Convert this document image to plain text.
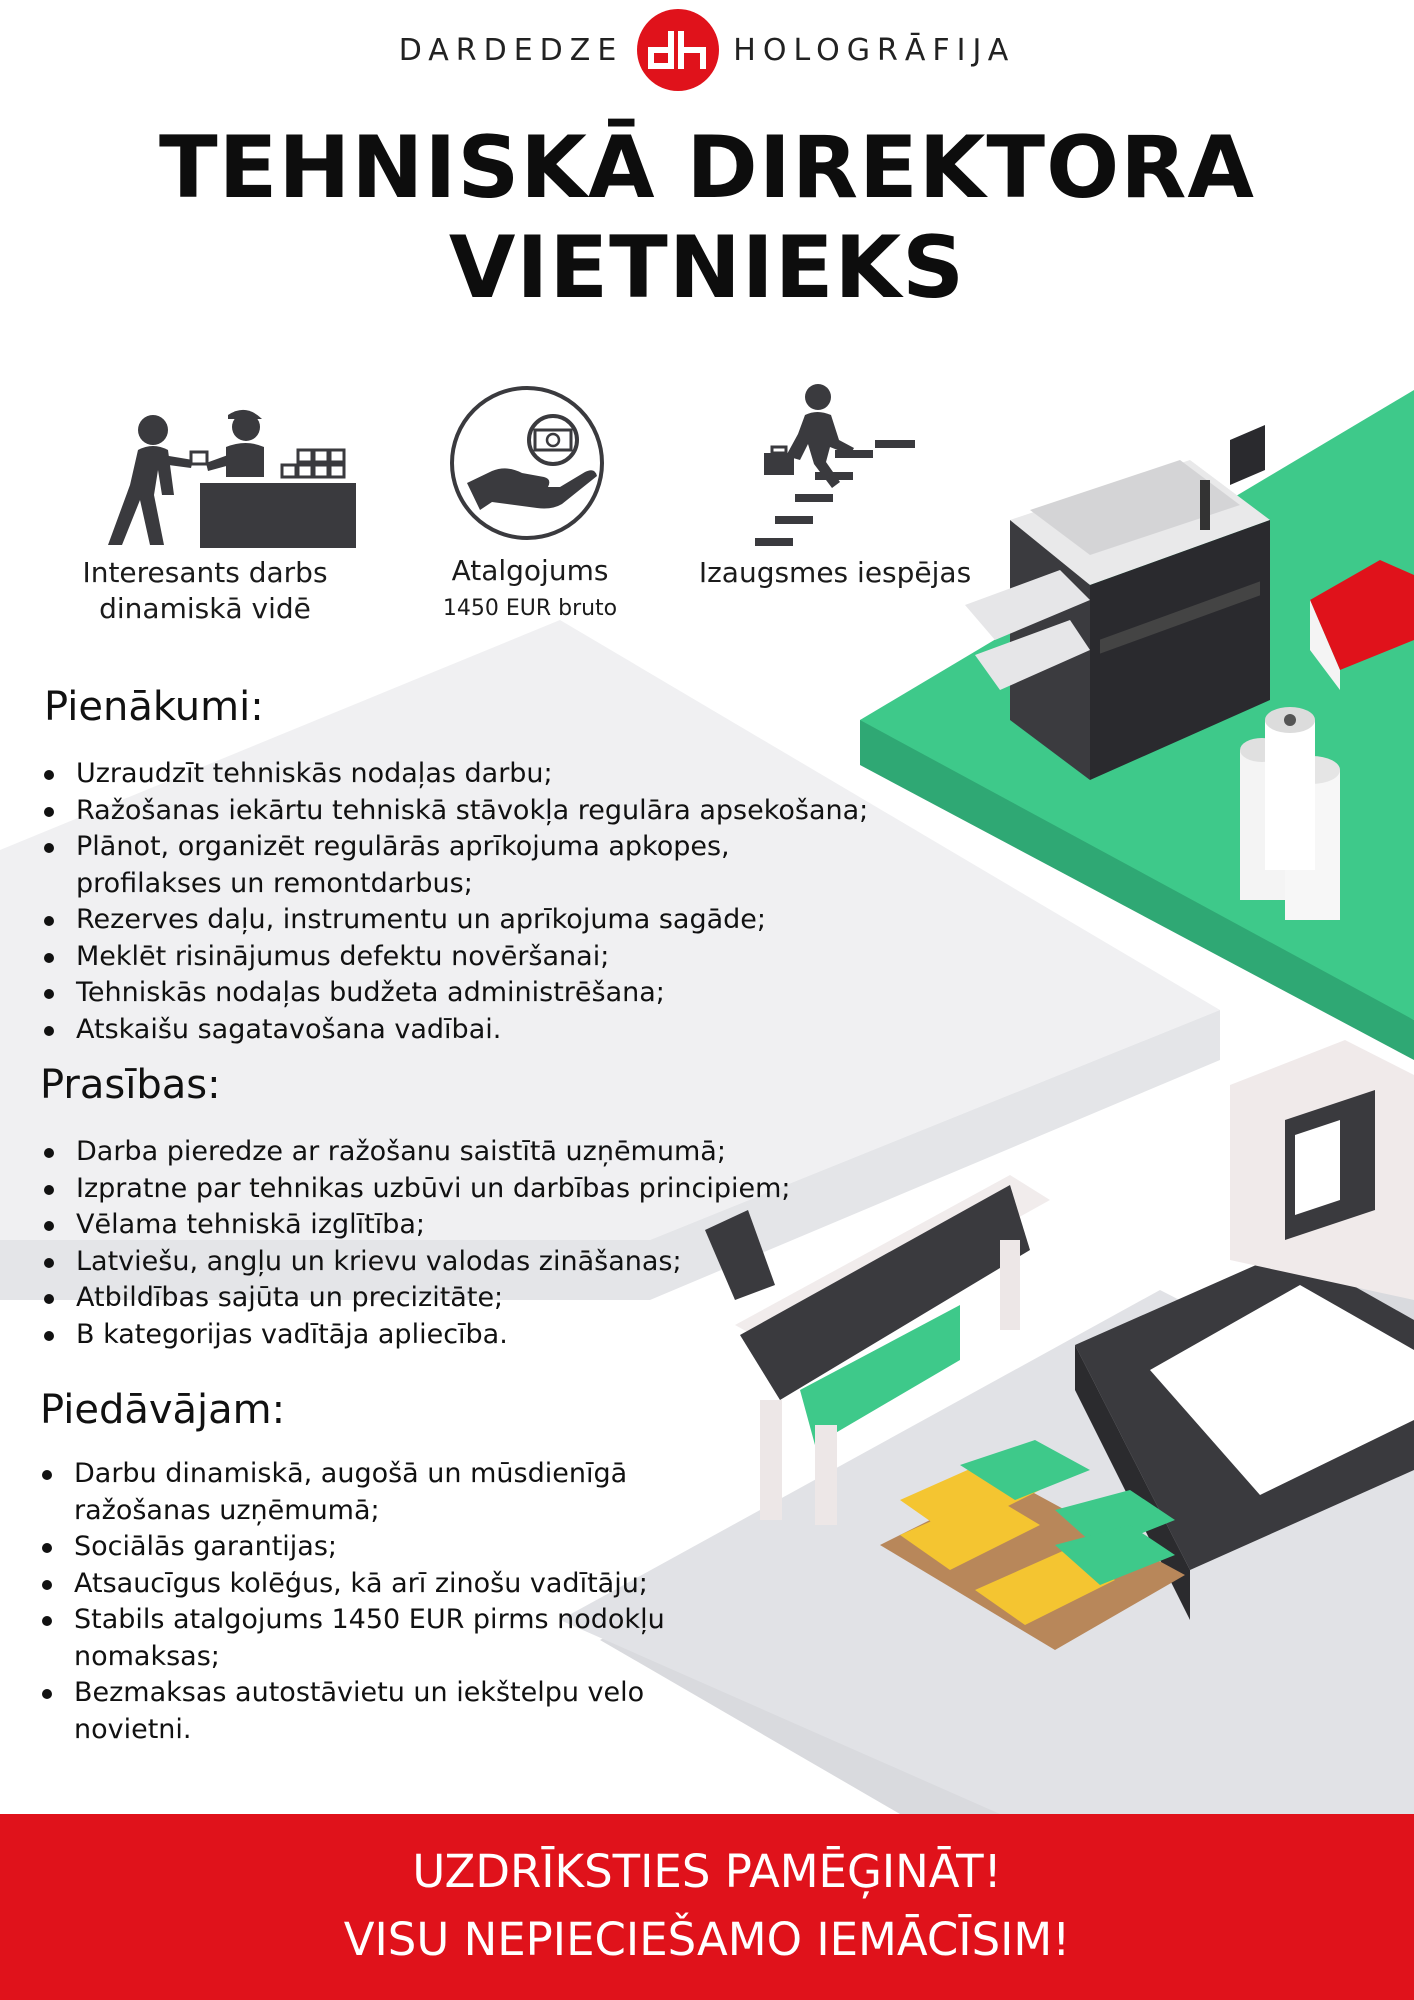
DARDEDZE	HOLOGRĀFIJA
TEHNISKĀ DIREKTORA
VIETNIEKS
Interesants darbs
dinamiskā vidē
Atalgojums
1450 EUR bruto
Izaugsmes iespējas
Pienākumi:
Uzraudzīt tehniskās nodaļas darbu;
Ražošanas iekārtu tehniskā stāvokļa regulāra apsekošana;
Plānot, organizēt regulārās aprīkojuma apkopes,
profilakses un remontdarbus;
Rezerves daļu, instrumentu un aprīkojuma sagāde;
Meklēt risinājumus defektu novēršanai;
Tehniskās nodaļas budžeta administrēšana;
Atskaišu sagatavošana vadībai.
Prasības:
Darba pieredze ar ražošanu saistītā uzņēmumā;
Izpratne par tehnikas uzbūvi un darbības principiem;
Vēlama tehniskā izglītība;
Latviešu, angļu un krievu valodas zināšanas;
Atbildības sajūta un precizitāte;
B kategorijas vadītāja apliecība.
Piedāvājam:
Darbu dinamiskā, augošā un mūsdienīgā
ražošanas uzņēmumā;
Sociālās garantijas;
Atsaucīgus kolēģus, kā arī zinošu vadītāju;
Stabils atalgojums 1450 EUR pirms nodokļu
nomaksas;
Bezmaksas autostāvietu un iekštelpu velo
novietni.
UZDRĪKSTIES PAMĒĢINĀT!
VISU NEPIECIEŠAMO IEMĀCĪSIM!
